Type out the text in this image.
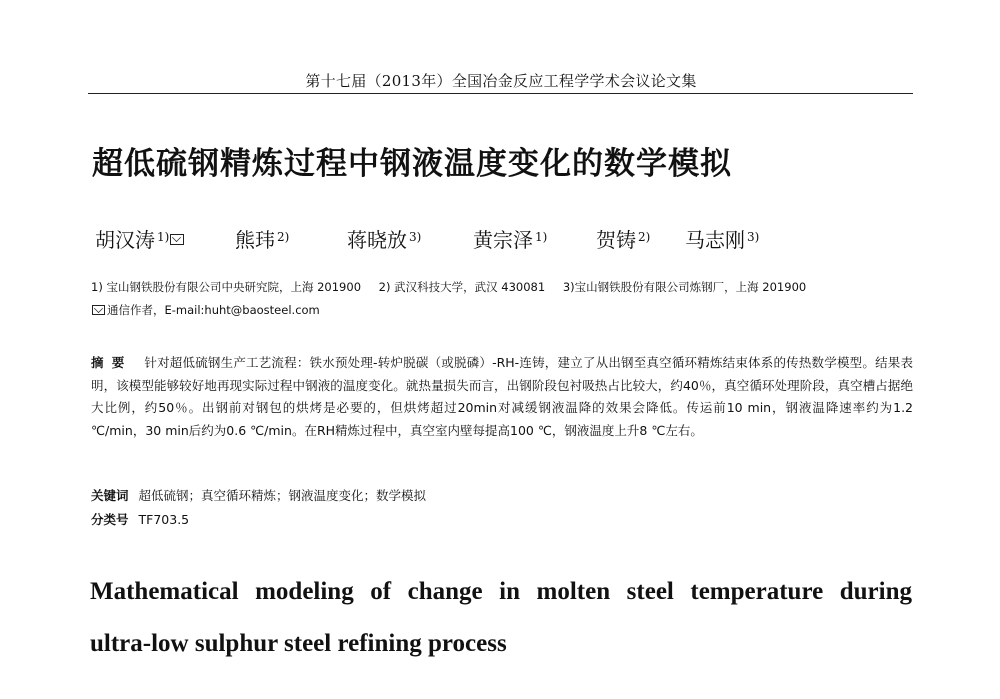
第十七届（2013年）全国冶金反应工程学学术会议论文集
超低硫钢精炼过程中钢液温度变化的数学模拟
胡汉涛 $^{1)}$	熊玮 $^{2)}$	蒋晓放 $^{3)}$	黄宗泽 $^{1)}$ 贺铸 $^{2)}$ 马志刚 $^{3)}$
1) 宝山钢铁股份有限公司中央研究院，上海 201900 2) 武汉科技大学，武汉 430081 3)宝山钢铁股份有限公司炼钢厂，上海 201900
通信作者，E-mail:huht@baosteel.com
摘要 针对超低硫钢生产工艺流程：铁水预处理-转炉脱碳（或脱磷）-RH-连铸，建立了从出钢至真空循环精炼结束体系的传热数学模型。结果表明，该模型能够较好地再现实际过程中钢液的温度变化。就热量损失而言，出钢阶段包衬吸热占比较大，约40％，真空循环处理阶段，真空槽占据绝大比例，约50％。出钢前对钢包的烘烤是必要的，但烘烤超过20min对减缓钢液温降的效果会降低。传运前10 min，钢液温降速率约为1.2 ℃/min，30 min后约为0.6 ℃/min。在RH精炼过程中，真空室内壁每提高100 ℃，钢液温度上升8 ℃左右。
关键词 超低硫钢；真空循环精炼；钢液温度变化；数学模拟
分类号 TF703.5
Mathematical modeling of change in molten steel temperature during
ultra-low sulphur steel refining process
